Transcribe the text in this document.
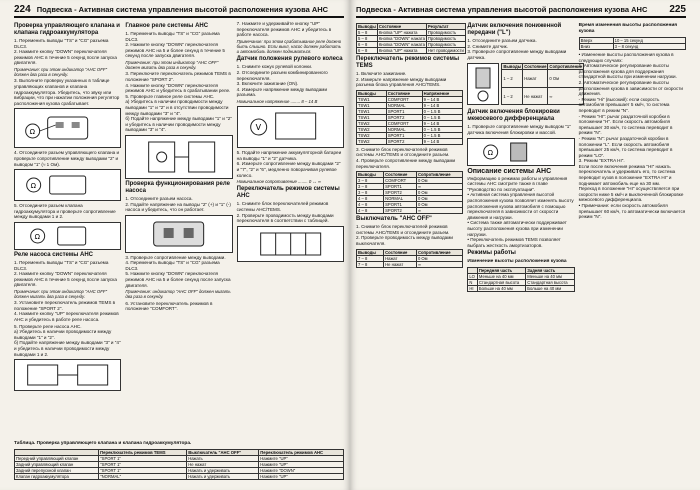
224 Подвеска - Активная система управления высотой расположения кузова АНС
Проверка управляющего клапана и клапана гидроаккумулятора

1. Переменить выводы "TS" и "CG" разъема DLC3.
2. Нажмите кнопку "DOWN" переключателя режимов АНС в течение 5 секунд после запуска двигателя.

Примечание: при этом индикатор "AHC OFF" должен два раза в секунду.

3. Выполните проверку указанных в таблице управляющих клапанов и клапана гидроаккумулятора. Убедитесь, что звуку или вибрации, что при нажатии положения регулятор расположения кузова срабатывает.

Ω

4. Отсоедините разъем управляющего клапана и проверьте сопротивление между выводами "2" и выводом "1" (≈ 1 Ом).

Ω

5. Отсоедините разъем клапана гидроаккумулятора и проверьте сопротивление между выводами 1 и 2.

Ω
Реле насоса системы АНС

1. Переменить выводы "TS" и "CG" разъема DLC3.
2. Нажмите кнопку "DOWN" переключателя режимов АНС в течение 5 секунд после запуска двигателя.

Примечание: при этом индикатор "AHC OFF" должен мигать два раза в секунду.

3. Установите переключатель режимов TEMS в положение "SPORT 2".
4. Нажмите кнопку "UP" переключателя режимов АНС и убедитесь в работе реле насоса.

5. Проверьте реле насоса АНС.
а) Убедитесь в наличии проводимости между выводами "1" и "2".
б) Подайте напряжение между выводами "3" и "4" и убедитесь в наличии проводимости между выводами 1 и 2.

Главное реле системы АНС

1. Переменить выводы "TS" и "CG" разъема DLC3.
2. Нажмите кнопку "DOWN" переключателя режимов АНС на 5 и более секунд в течение 5 секунд после запуска двигателя.

Примечание: при этом индикатор "AHC OFF" должен мигать два раза в секунду.

3. Переключите переключатель режимов TEMS в положение "SPORT 2".
4. Нажмите кнопку "DOWN" переключателя режимов АНС и убедитесь в срабатывании реле.
5. Проверьте главное реле системы АНС.
а) Убедитесь в наличии проводимости между выводами "1" и "2" и в отсутствии проводимости между выводами "3" и "4".
б) Подайте напряжение между выводами "1" и "2" и убедитесь в наличии проводимости между выводами "3" и "4".

Проверка функционирования реле насоса

1. Отсоедините разъем насоса.
2. Подайте напряжение на выводы "2" (+) и "1" (-) насоса и убедитесь, что он работает.

3. Проверьте сопротивление между выводами.
4. Переменить выводы "TS" и "CG" разъема DLC3.
5. Нажмите кнопку "DOWN" переключателя режимов АНС на 5 и более секунд после запуска двигателя.

Примечание: индикатор "AHC OFF" должен мигать два раза в секунду.

6. Установите переключатель режимов в положение "COMFORT".

7. Нажмите и удерживайте кнопку "UP" переключателя режимов АНС и убедитесь в работе насоса.

Примечание: при этом срабатывание реле должно быть слышно. Если выкл, насос должен работать и автомобиль должен подниматься.

Датчик положения рулевого колеса

1. Снимите кожух рулевой колонки.
2. Отсоедините разъем комбинированного переключателя.
3. Включите зажигание (ON).
4. Измерьте напряжение между выводами разъема.

Номинальное напряжение ........ 8 – 14 В

V

5. Подайте напряжение аккумуляторной батареи на выводы "1" и "2" датчика.
6. Измерьте сопротивление между выводами "2" и "7", "2" и "6", медленно поворачивая рулевое колесо.

Номинальное сопротивление ........ 0 ↔ ∞

Переключатель режимов системы АНС

1. Снимите блок переключателей режимов системы АНС/TEMS.
2. Проверьте проводимость между выводами переключателя в соответствии с таблицей.

Таблица. Проверка управляющего клапана и клапана гидроаккумулятора.
	Переключатель режимов TEMS	Выключатель "AHC OFF"	Переключатель режимов АНС
Передний управляющий клапан	"SPORT 1"	Нажать	Нажмите "UP"
Задний управляющий клапан	"SPORT 1"	Не нажат	Нажмите "UP"
Задний перепускной клапан	"SPORT 1"	Нажать и удерживать	Нажмите "DOWN"
Клапан гидроаккумулятора	"NORMAL"	Нажать и удерживать	Нажмите "UP"
Подвеска - Активная система управления высотой расположения кузова АНС 225
Выводы	Состояние	Результат
5 – 8	Кнопка "UP" нажата	Проводимость
5 – 8	Кнопка "DOWN" нажата	Проводимость
6 – 8	Кнопка "DOWN" нажата	Проводимость
6 – 8	Кнопка "UP" нажата	Нет проводимости
Переключатель режимов системы TEMS

1. Включите зажигание.
2. Измерьте напряжение между выводами разъема блока управления АНС/TEMS.

Выводы	Состояние	Напряжение
TSW1	COMFORT	9 – 14 В
TSW1	NORMAL	9 – 14 В
TSW1	SPORT1	0 – 1.5 В
TSW1	SPORT2	0 – 1.5 В
TSW2	COMFORT	9 – 14 В
TSW2	NORMAL	0 – 1.5 В
TSW2	SPORT1	0 – 1.5 В
TSW2	SPORT2	9 – 14 В

3. Снимите блок переключателей режимов системы АНС/TEMS и отсоедините разъем.
4. Проверьте сопротивление между выводами переключателя.

Выводы	Состояние	Сопротивление
3 – 8	COMFORT	0 Ом
3 – 8	SPORT1	∞
3 – 8	SPORT2	0 Ом
4 – 8	NORMAL	0 Ом
4 – 8	SPORT1	0 Ом
4 – 8	SPORT2	∞
Выключатель "AHC OFF"

1. Снимите блок переключателей режимов системы АНС/TEMS и отсоедините разъем.
2. Проверьте проводимость между выводами выключателя.

Выводы	Состояние	Сопротивление
7 – 8	Нажат	0 Ом
7 – 8	Не нажат	∞
Датчик включения пониженной передачи ("L")

1. Отсоедините разъем датчика.
2. Снимите датчик.
3. Проверьте сопротивление между выводами датчика.

Выводы	Состояние	Сопротивление
1 – 2	Нажат	0 Ом
1 – 2	Не нажат	∞
Датчик включения блокировки межосевого дифференциала

1. Проверьте сопротивление между выводом "1" датчика включения блокировки и массой.

Ω
Описание системы АНС

Информацию о режимах работы и управления системы АНС смотрите также в главе "Руководство по эксплуатации".
• Активная система управления высотой расположения кузова позволяет изменять высоту расположения кузова автомобиля с помощью переключателя в зависимости от скорости движения и нагрузки.
• Система также автоматически поддерживает высоту расположения кузова при изменении нагрузки.
• Переключатель режимов TEMS позволяет выбрать жесткость амортизаторов.

Режимы работы
Изменение высоты расположения кузова
	Передняя часть	Задняя часть
LO	Меньше на 40 мм	Меньше на 40 мм
N	Стандартная высота	Стандартная высота
HI	Больше на 40 мм	Больше на 40 мм
Время изменения высоты расположения кузова
Вверх	10 – 15 секунд
Вниз	3 – 8 секунд

• Изменение высоты расположения кузова в следующих случаях:
1. Автоматическое регулирование высоты расположения кузова для поддержания стандартной высоты при изменении нагрузки.
2. Автоматическое регулирование высоты расположения кузова в зависимости от скорости движения.
- Режим "Hi" (высокий): если скорость автомобиля превышает 5 км/ч, то система переводит в режим "N".
- Режим "HI": рычаг раздаточной коробки в положении "H". Если скорость автомобиля превышает 30 км/ч, то система переводит в режим "N".
- Режим "N": рычаг раздаточной коробки в положении "L". Если скорость автомобиля превышает 25 км/ч, то система переводит в режим "LO".
3. Режим "EXTRA HI".
Если после включения режима "HI" нажать переключатель и удерживать его, то система переводит кузов в положение "EXTRA HI" и поднимает автомобиль еще на 30 мм.
Переход в положение "HI" осуществляется при скорости ниже 5 км/ч и выключенной блокировке межосевого дифференциала.
• Примечание: если скорость автомобиля превышает 60 км/ч, то автоматически включается режим "N".
